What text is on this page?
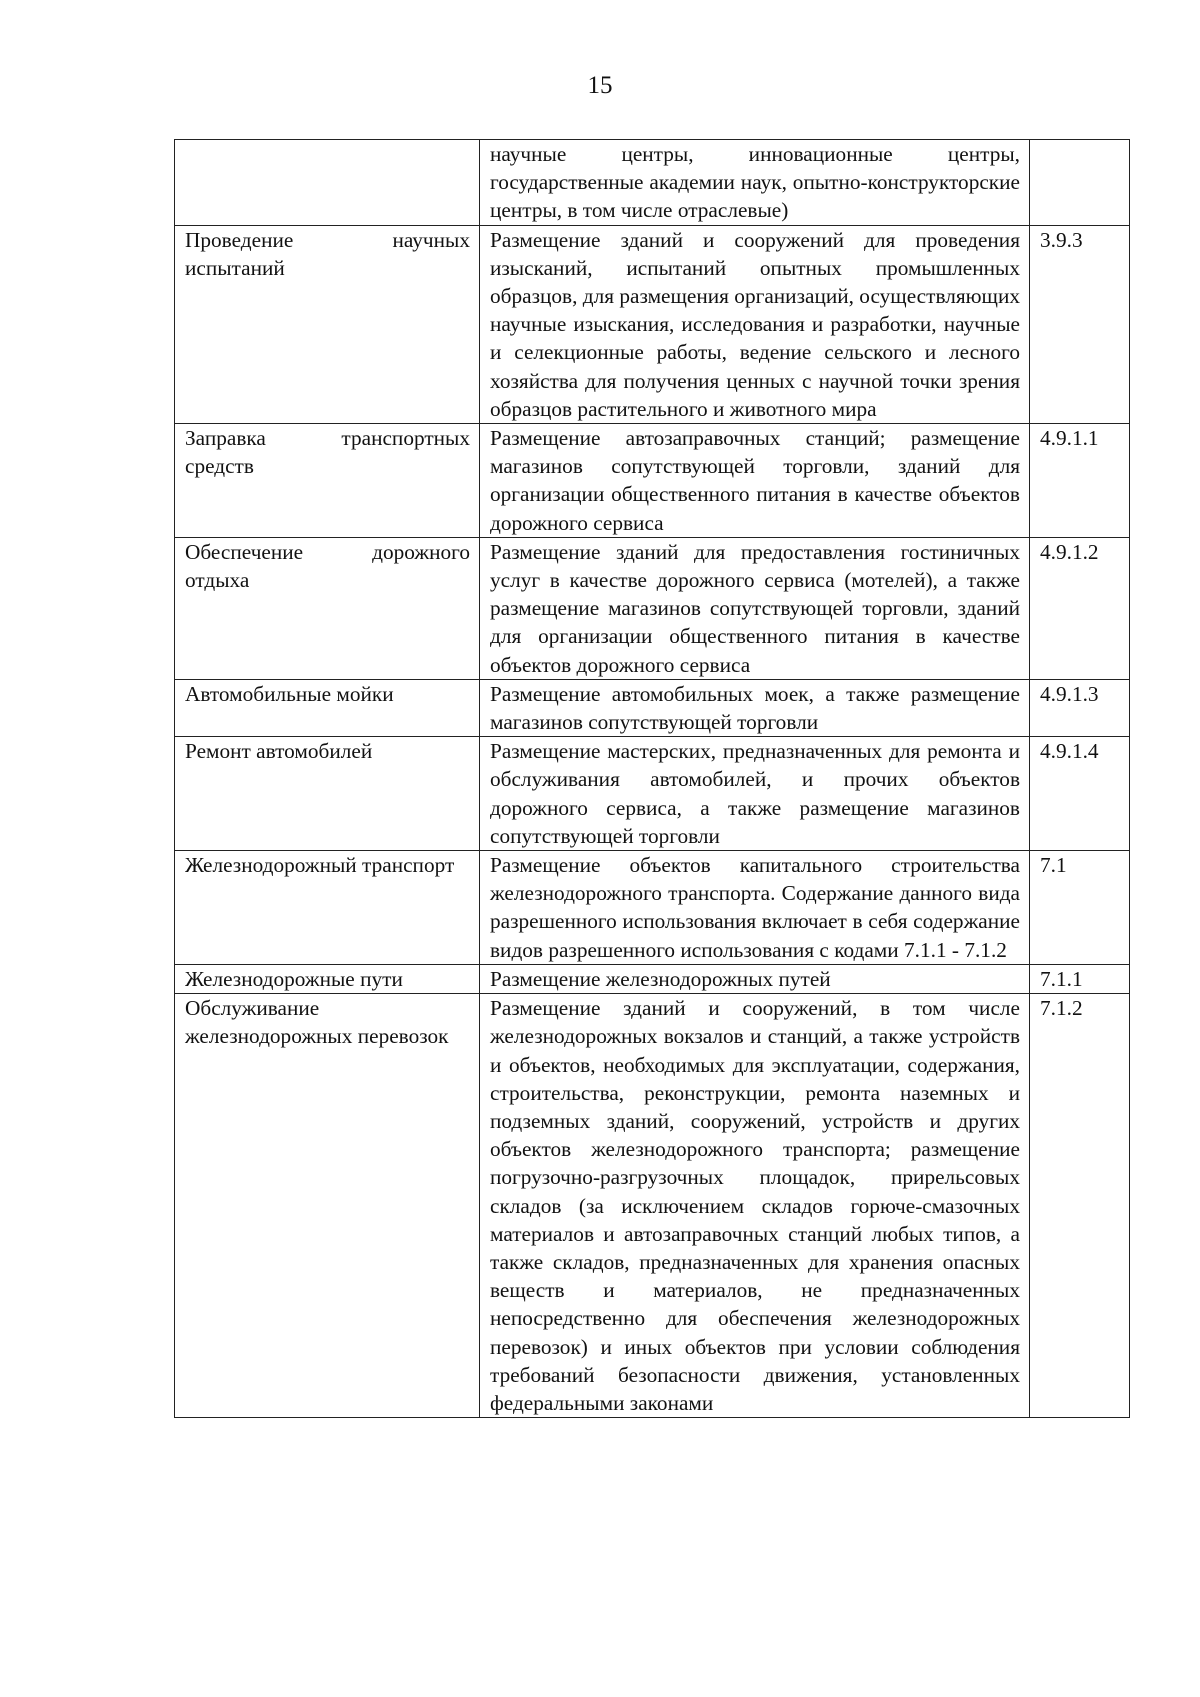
15
	научные центры, инновационные центры, государственные академии наук, опытно-конструкторские центры, в том числе отраслевые)	
Проведение научных испытаний	Размещение зданий и сооружений для проведения изысканий, испытаний опытных промышленных образцов, для размещения организаций, осуществляющих научные изыскания, исследования и разработки, научные и селекционные работы, ведение сельского и лесного хозяйства для получения ценных с научной точки зрения образцов растительного и животного мира	3.9.3
Заправка транспортных средств	Размещение автозаправочных станций; размещение магазинов сопутствующей торговли, зданий для организации общественного питания в качестве объектов дорожного сервиса	4.9.1.1
Обеспечение дорожного отдыха	Размещение зданий для предоставления гостиничных услуг в качестве дорожного сервиса (мотелей), а также размещение магазинов сопутствующей торговли, зданий для организации общественного питания в качестве объектов дорожного сервиса	4.9.1.2
Автомобильные мойки	Размещение автомобильных моек, а также размещение магазинов сопутствующей торговли	4.9.1.3
Ремонт автомобилей	Размещение мастерских, предназначенных для ремонта и обслуживания автомобилей, и прочих объектов дорожного сервиса, а также размещение магазинов сопутствующей торговли	4.9.1.4
Железнодорожный транспорт	Размещение объектов капитального строительства железнодорожного транспорта. Содержание данного вида разрешенного использования включает в себя содержание видов разрешенного использования с кодами 7.1.1 - 7.1.2	7.1
Железнодорожные пути	Размещение железнодорожных путей	7.1.1
Обслуживание железнодорожных перевозок	Размещение зданий и сооружений, в том числе железнодорожных вокзалов и станций, а также устройств и объектов, необходимых для эксплуатации, содержания, строительства, реконструкции, ремонта наземных и подземных зданий, сооружений, устройств и других объектов железнодорожного транспорта; размещение погрузочно-разгрузочных площадок, прирельсовых складов (за исключением складов горюче-смазочных материалов и автозаправочных станций любых типов, а также складов, предназначенных для хранения опасных веществ и материалов, не предназначенных непосредственно для обеспечения железнодорожных перевозок) и иных объектов при условии соблюдения требований безопасности движения, установленных федеральными законами	7.1.2
